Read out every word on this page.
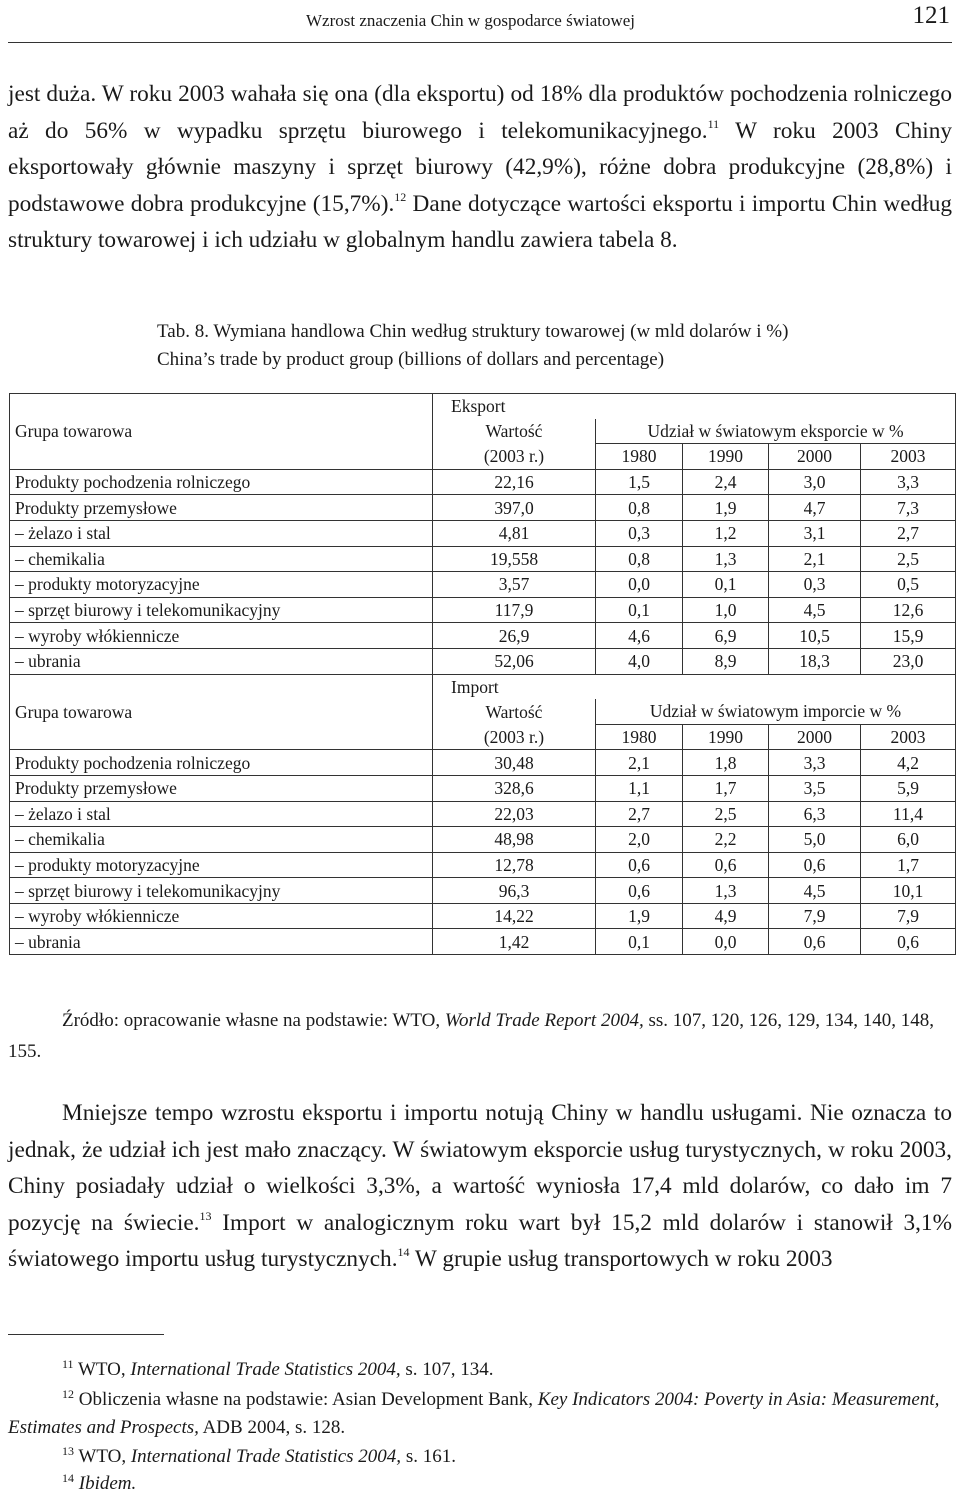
Wzrost znaczenia Chin w gospodarce światowej	121

jest duża. W roku 2003 wahała się ona (dla eksportu) od 18% dla produktów pochodzenia rolniczego aż do 56% w wypadku sprzętu biurowego i telekomunikacyjnego.$^{11}$ W roku 2003 Chiny eksportowały głównie maszyny i sprzęt biurowy (42,9%), różne dobra produkcyjne (28,8%) i podstawowe dobra produkcyjne (15,7%).$^{12}$ Dane dotyczące wartości eksportu i importu Chin według struktury towarowej i ich udziału w globalnym handlu zawiera tabela 8.

Tab. 8. Wymiana handlowa Chin według struktury towarowej (w mld dolarów i %)
China’s trade by product group (billions of dollars and percentage)
Grupa towarowa	Eksport				
	Wartość	Udział w światowym eksporcie w %			
	(2003 r.)	1980	1990	2000	2003
Produkty pochodzenia rolniczego	22,16	1,5	2,4	3,0	3,3
Produkty przemysłowe	397,0	0,8	1,9	4,7	7,3
– żelazo i stal	4,81	0,3	1,2	3,1	2,7
– chemikalia	19,558	0,8	1,3	2,1	2,5
– produkty motoryzacyjne	3,57	0,0	0,1	0,3	0,5
– sprzęt biurowy i telekomunikacyjny	117,9	0,1	1,0	4,5	12,6
– wyroby włókiennicze	26,9	4,6	6,9	10,5	15,9
– ubrania	52,06	4,0	8,9	18,3	23,0
Grupa towarowa	Import				
	Wartość	Udział w światowym imporcie w %			
	(2003 r.)	1980	1990	2000	2003
Produkty pochodzenia rolniczego	30,48	2,1	1,8	3,3	4,2
Produkty przemysłowe	328,6	1,1	1,7	3,5	5,9
– żelazo i stal	22,03	2,7	2,5	6,3	11,4
– chemikalia	48,98	2,0	2,2	5,0	6,0
– produkty motoryzacyjne	12,78	0,6	0,6	0,6	1,7
– sprzęt biurowy i telekomunikacyjny	96,3	0,6	1,3	4,5	10,1
– wyroby włókiennicze	14,22	1,9	4,9	7,9	7,9
– ubrania	1,42	0,1	0,0	0,6	0,6

Źródło: opracowanie własne na podstawie: WTO, World Trade Report 2004, ss. 107, 120, 126, 129, 134, 140, 148, 155.

Mniejsze tempo wzrostu eksportu i importu notują Chiny w handlu usługami. Nie oznacza to jednak, że udział ich jest mało znaczący. W światowym eksporcie usług turystycznych, w roku 2003, Chiny posiadały udział o wielkości 3,3%, a wartość wyniosła 17,4 mld dolarów, co dało im 7 pozycję na świecie.$^{13}$ Import w analogicznym roku wart był 15,2 mld dolarów i stanowił 3,1% światowego importu usług turystycznych.$^{14}$ W grupie usług transportowych w roku 2003

$^{11}$ WTO, International Trade Statistics 2004, s. 107, 134.

$^{12}$ Obliczenia własne na podstawie: Asian Development Bank, Key Indicators 2004: Poverty in Asia: Measurement, Estimates and Prospects, ADB 2004, s. 128.

$^{13}$ WTO, International Trade Statistics 2004, s. 161.

$^{14}$ Ibidem.
